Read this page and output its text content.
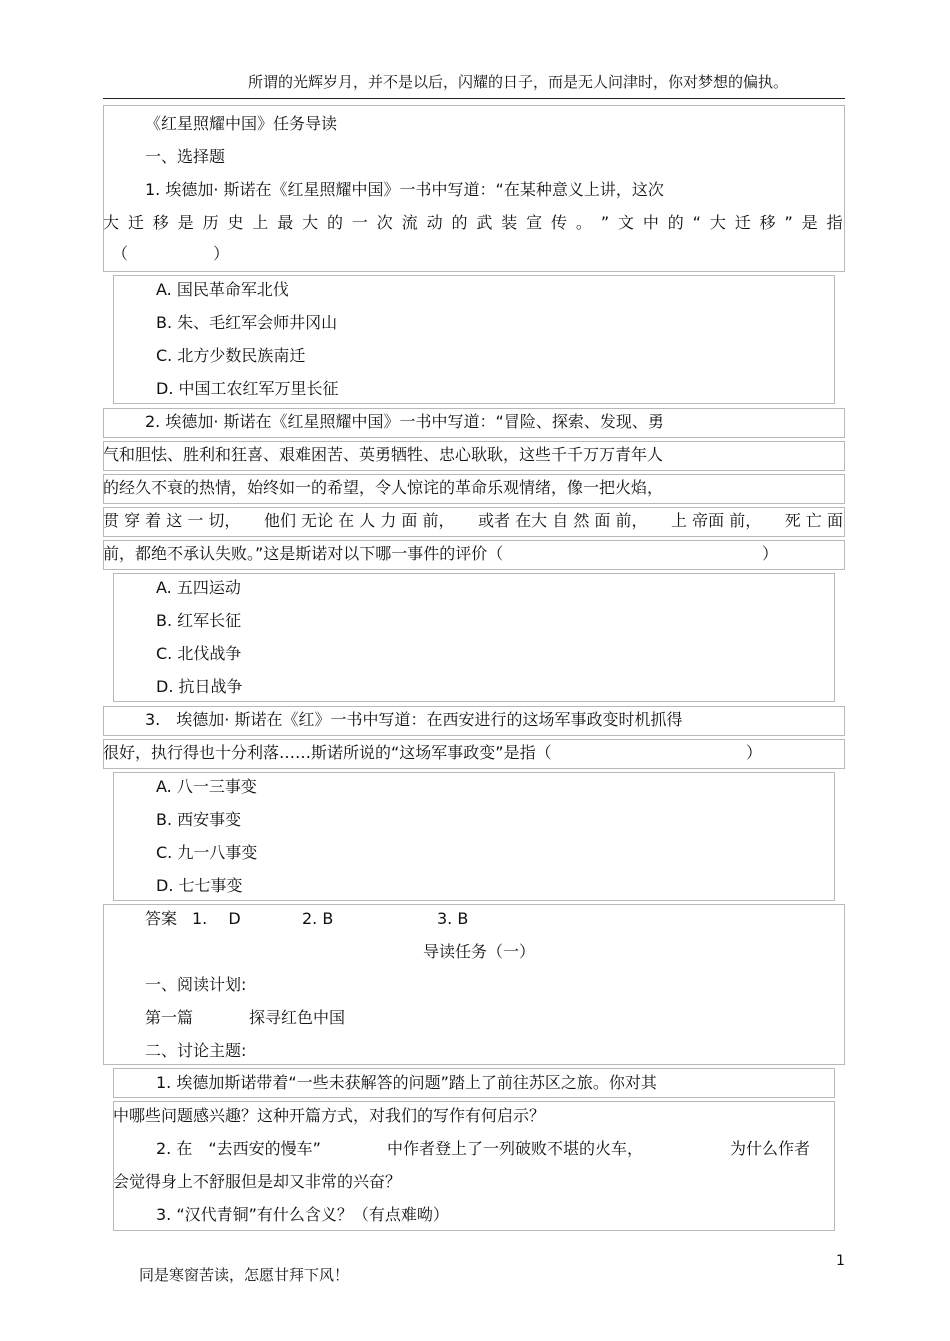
所谓的光辉岁月，并不是以后，闪耀的日子，而是无人问津时，你对梦想的偏执。
《红星照耀中国》任务导读
一、选择题
1. 埃德加· 斯诺在《红星照耀中国》一书中写道：“在某种意义上讲，这次
大 迁 移 是 历 史 上 最 大 的 一 次 流 动 的 武 装 宣 传 。 ” 文 中 的 “ 大 迁 移 ” 是 指
（ ）
A. 国民革命军北伐
B. 朱、毛红军会师井冈山
C. 北方少数民族南迁
D. 中国工农红军万里长征
2. 埃德加· 斯诺在《红星照耀中国》一书中写道：“冒险、探索、发现、勇
气和胆怯、胜利和狂喜、艰难困苦、英勇牺牲、忠心耿耿，这些千千万万青年人
的经久不衰的热情，始终如一的希望，令人惊诧的革命乐观情绪，像一把火焰，
贯 穿 着 这 一 切， 他们 无论 在 人 力 面 前， 或者 在大 自 然 面 前， 上 帝面 前， 死 亡 面
前，都绝不承认失败。”这是斯诺对以下哪一事件的评价（	）
A. 五四运动
B. 红军长征
C. 北伐战争
D. 抗日战争
3.　埃德加· 斯诺在《红》一书中写道：在西安进行的这场军事政变时机抓得
很好，执行得也十分利落……斯诺所说的“这场军事政变”是指（	）
A. 八一三事变
B. 西安事变
C. 九一八事变
D. 七七事变
答案 1.　 D	2. B	3. B
导读任务（一）
一、阅读计划:
第一篇	探寻红色中国
二、讨论主题:
1. 埃德加斯诺带着“一些未获解答的问题”踏上了前往苏区之旅。你对其
中哪些问题感兴趣？这种开篇方式，对我们的写作有何启示？
2. 在　“去西安的慢车”	中作者登上了一列破败不堪的火车，	为什么作者
会觉得身上不舒服但是却又非常的兴奋？
3. “汉代青铜”有什么含义？（有点难呦）
同是寒窗苦读，怎愿甘拜下风！
1
